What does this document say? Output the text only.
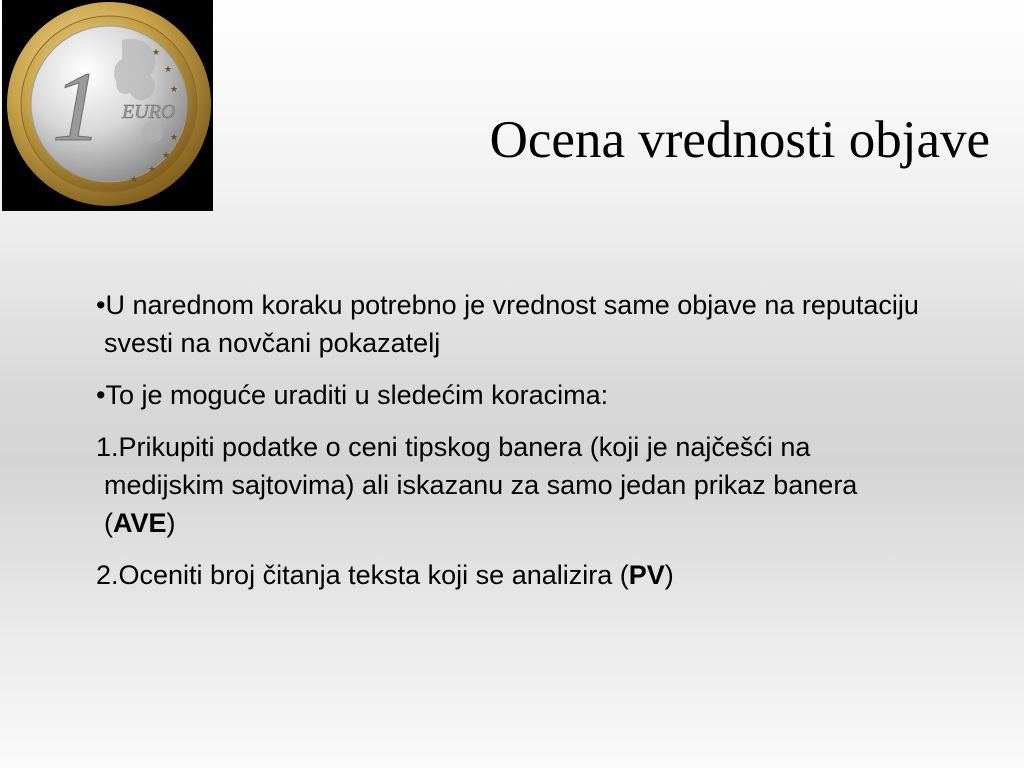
★
★
★
★
★
★
★
1 EURO	Ocena vrednosti objave
•U narednom koraku potrebno je vrednost same objave na reputaciju svesti na novčani pokazatelj
•To je moguće uraditi u sledećim koracima:
1.Prikupiti podatke o ceni tipskog banera (koji je najčešći na medijskim sajtovima) ali iskazanu za samo jedan prikaz banera (AVE)
2.Oceniti broj čitanja teksta koji se analizira (PV)
